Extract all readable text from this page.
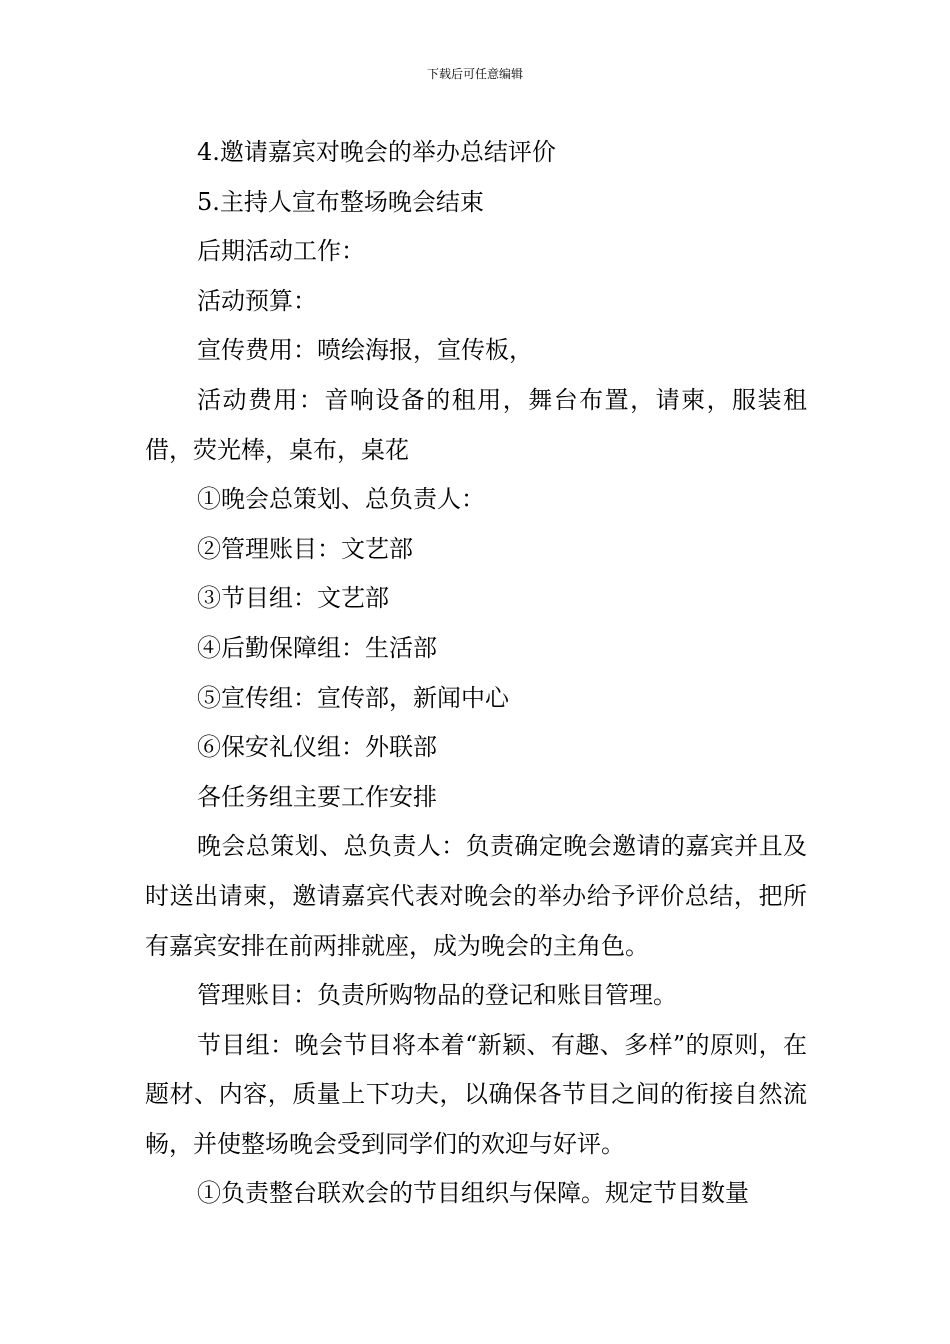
下载后可任意编辑

4.邀请嘉宾对晚会的举办总结评价

5.主持人宣布整场晚会结束

后期活动工作：

活动预算：

宣传费用：喷绘海报，宣传板，

活动费用：音响设备的租用，舞台布置，请柬，服装租借，荧光棒，桌布，桌花

①晚会总策划、总负责人：

②管理账目：文艺部

③节目组：文艺部

④后勤保障组：生活部

⑤宣传组：宣传部，新闻中心

⑥保安礼仪组：外联部

各任务组主要工作安排

晚会总策划、总负责人：负责确定晚会邀请的嘉宾并且及时送出请柬，邀请嘉宾代表对晚会的举办给予评价总结，把所有嘉宾安排在前两排就座，成为晚会的主角色。

管理账目：负责所购物品的登记和账目管理。

节目组：晚会节目将本着“新颖、有趣、多样”的原则，在题材、内容，质量上下功夫，以确保各节目之间的衔接自然流畅，并使整场晚会受到同学们的欢迎与好评。

①负责整台联欢会的节目组织与保障。规定节目数量
